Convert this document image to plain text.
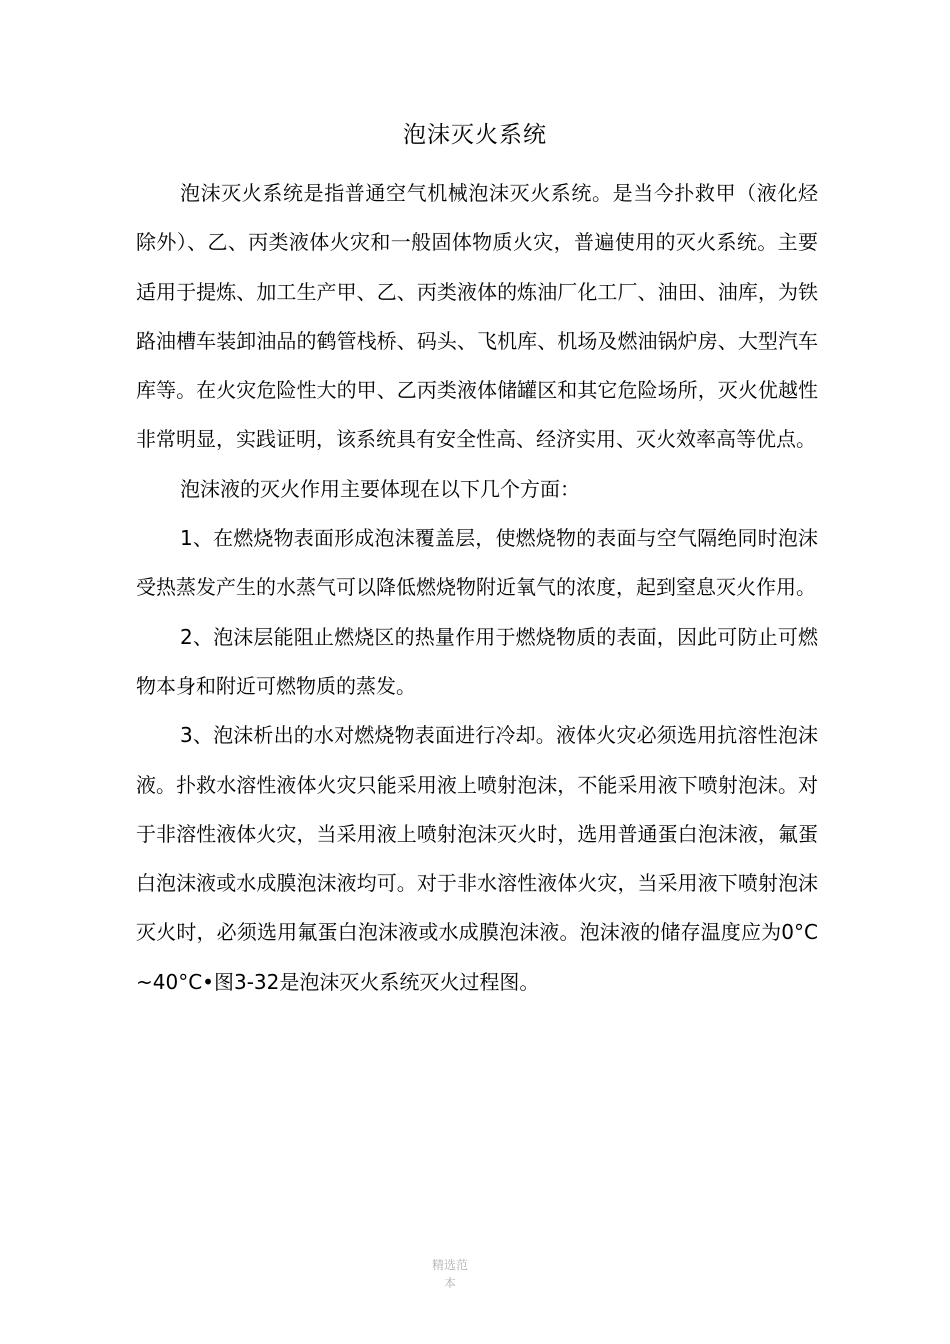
泡沫灭火系统

泡沫灭火系统是指普通空气机械泡沫灭火系统。是当今扑救甲（液化烃除外）、乙、丙类液体火灾和一般固体物质火灾，普遍使用的灭火系统。主要适用于提炼、加工生产甲、乙、丙类液体的炼油厂化工厂、油田、油库，为铁路油槽车装卸油品的鹤管栈桥、码头、飞机库、机场及燃油锅炉房、大型汽车库等。在火灾危险性大的甲、乙丙类液体储罐区和其它危险场所，灭火优越性非常明显，实践证明，该系统具有安全性高、经济实用、灭火效率高等优点。

泡沫液的灭火作用主要体现在以下几个方面：

1、在燃烧物表面形成泡沫覆盖层，使燃烧物的表面与空气隔绝同时泡沫受热蒸发产生的水蒸气可以降低燃烧物附近氧气的浓度，起到窒息灭火作用。

2、泡沫层能阻止燃烧区的热量作用于燃烧物质的表面，因此可防止可燃物本身和附近可燃物质的蒸发。

3、泡沫析出的水对燃烧物表面进行冷却。液体火灾必须选用抗溶性泡沫液。扑救水溶性液体火灾只能采用液上喷射泡沫，不能采用液下喷射泡沫。对于非溶性液体火灾，当采用液上喷射泡沫灭火时，选用普通蛋白泡沫液，氟蛋白泡沫液或水成膜泡沫液均可。对于非水溶性液体火灾，当采用液下喷射泡沫灭火时，必须选用氟蛋白泡沫液或水成膜泡沫液。泡沫液的储存温度应为0°C~40°C•图3-32是泡沫灭火系统灭火过程图。

精选范
本
